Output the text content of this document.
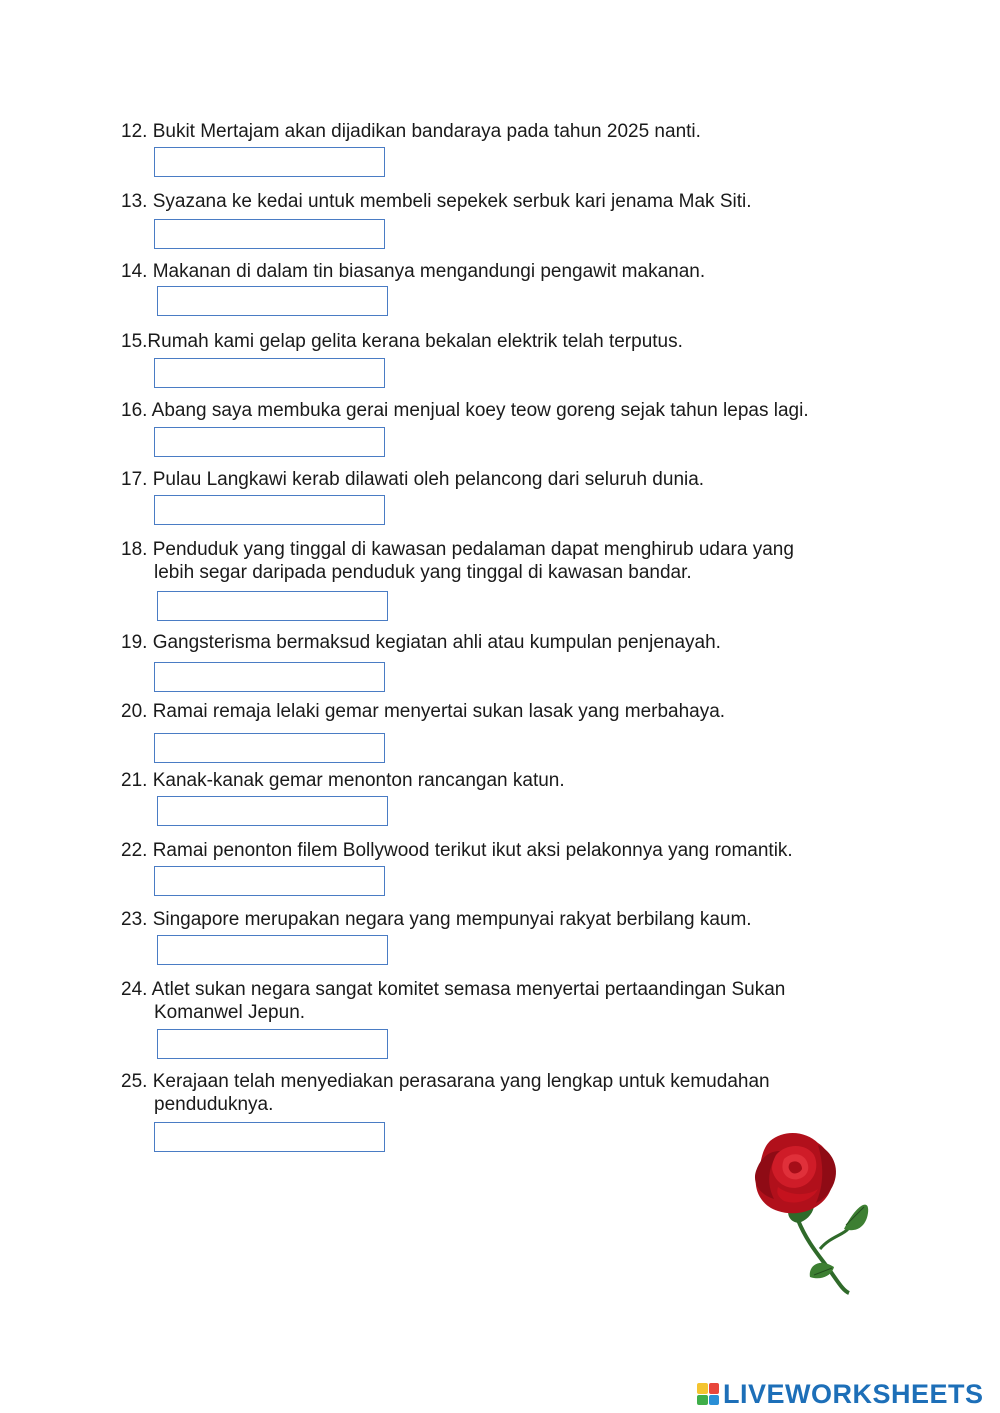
12. Bukit Mertajam akan dijadikan bandaraya pada tahun 2025 nanti.

13. Syazana ke kedai untuk membeli sepekek serbuk kari jenama Mak Siti.

14. Makanan di dalam tin biasanya mengandungi pengawit makanan.

15.Rumah kami gelap gelita kerana bekalan elektrik telah terputus.

16. Abang saya membuka gerai menjual koey teow goreng sejak tahun lepas lagi.

17. Pulau Langkawi kerab dilawati oleh pelancong dari seluruh dunia.

18. Penduduk yang tinggal di kawasan pedalaman dapat menghirub udara yang
lebih segar daripada penduduk yang tinggal di kawasan bandar.

19. Gangsterisma bermaksud kegiatan ahli atau kumpulan penjenayah.

20. Ramai remaja lelaki gemar menyertai sukan lasak yang merbahaya.

21. Kanak-kanak gemar menonton rancangan katun.

22. Ramai penonton filem Bollywood terikut ikut aksi pelakonnya yang romantik.

23. Singapore merupakan negara yang mempunyai rakyat berbilang kaum.

24. Atlet sukan negara sangat komitet semasa menyertai pertaandingan Sukan
Komanwel Jepun.

25. Kerajaan telah menyediakan perasarana yang lengkap untuk kemudahan
penduduknya.

LIVEWORKSHEETS
